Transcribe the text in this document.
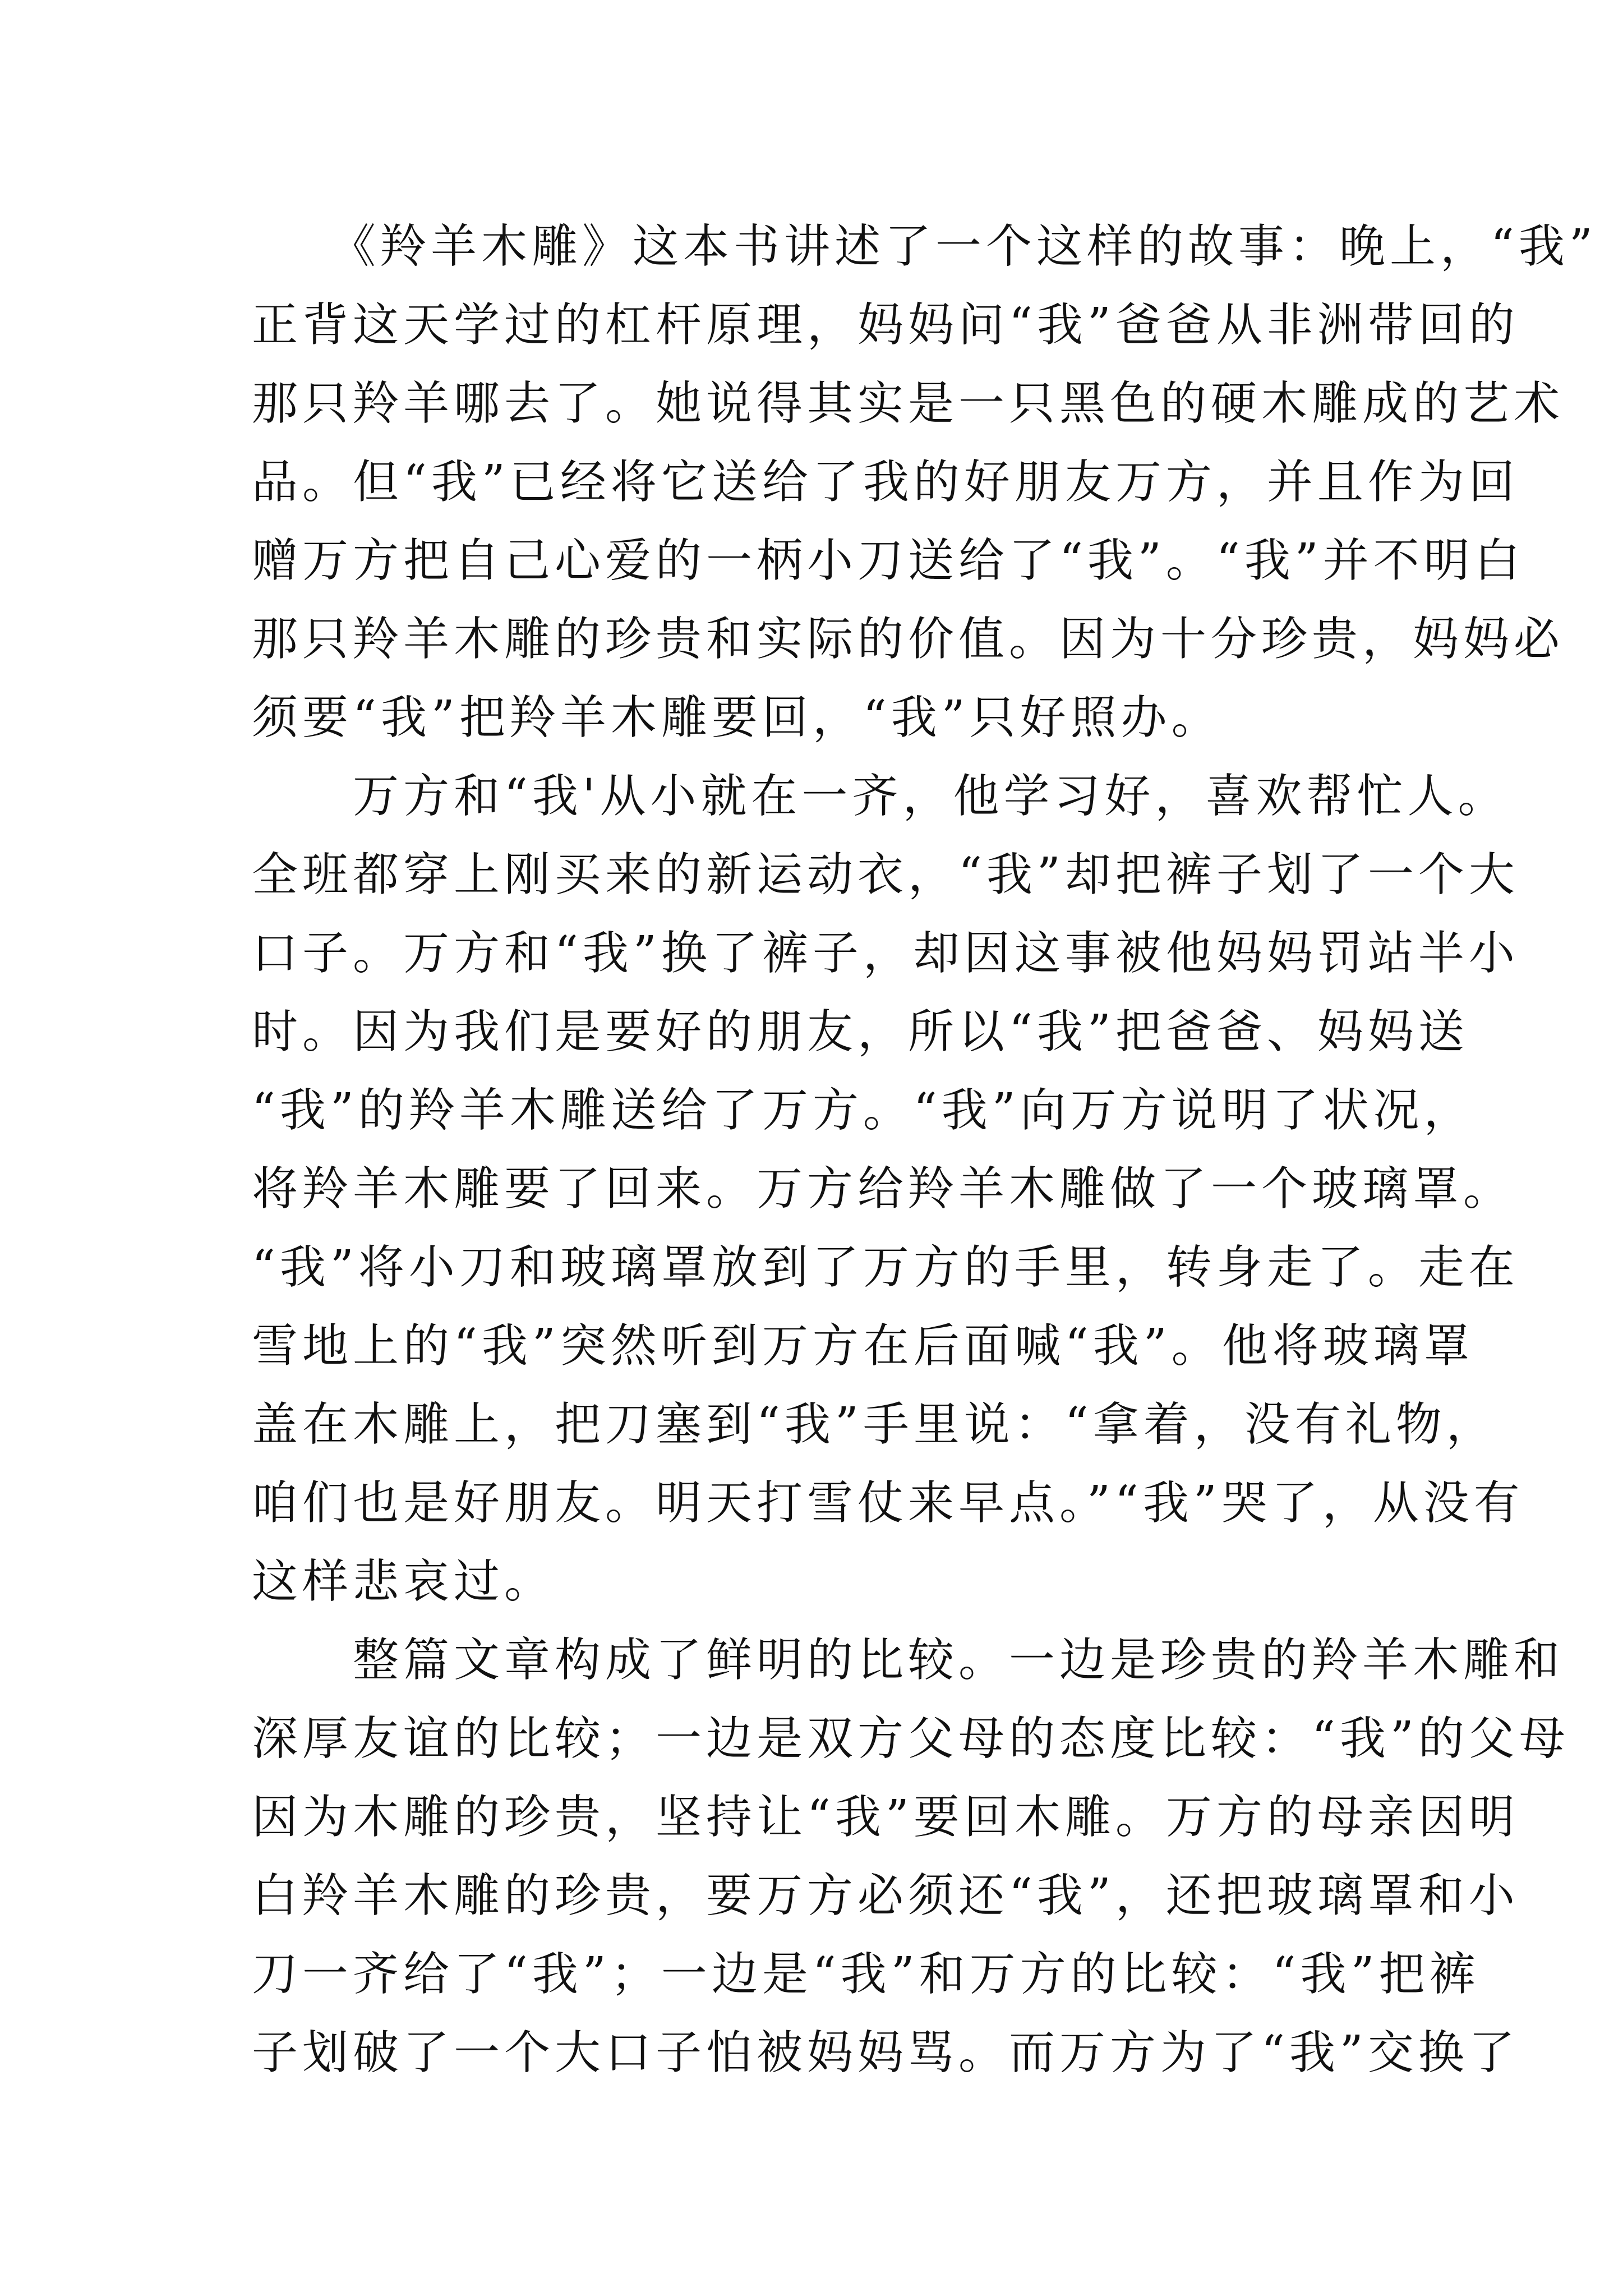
　　《羚羊木雕》这本书讲述了一个这样的故事：晚上，“我”
正背这天学过的杠杆原理，妈妈问“我”爸爸从非洲带回的
那只羚羊哪去了。她说得其实是一只黑色的硬木雕成的艺术
品。但“我”已经将它送给了我的好朋友万方，并且作为回
赠万方把自己心爱的一柄小刀送给了“我”。“我”并不明白
那只羚羊木雕的珍贵和实际的价值。因为十分珍贵，妈妈必
须要“我”把羚羊木雕要回，“我”只好照办。
　　万方和“我'从小就在一齐，他学习好，喜欢帮忙人。
全班都穿上刚买来的新运动衣，“我”却把裤子划了一个大
口子。万方和“我”换了裤子，却因这事被他妈妈罚站半小
时。因为我们是要好的朋友，所以“我”把爸爸、妈妈送
“我”的羚羊木雕送给了万方。“我”向万方说明了状况，
将羚羊木雕要了回来。万方给羚羊木雕做了一个玻璃罩。
“我”将小刀和玻璃罩放到了万方的手里，转身走了。走在
雪地上的“我”突然听到万方在后面喊“我”。他将玻璃罩
盖在木雕上，把刀塞到“我”手里说：“拿着，没有礼物，
咱们也是好朋友。明天打雪仗来早点。”“我”哭了，从没有
这样悲哀过。
　　整篇文章构成了鲜明的比较。一边是珍贵的羚羊木雕和
深厚友谊的比较；一边是双方父母的态度比较：“我”的父母
因为木雕的珍贵，坚持让“我”要回木雕。万方的母亲因明
白羚羊木雕的珍贵，要万方必须还“我”，还把玻璃罩和小
刀一齐给了“我”；一边是“我”和万方的比较：“我”把裤
子划破了一个大口子怕被妈妈骂。而万方为了“我”交换了
